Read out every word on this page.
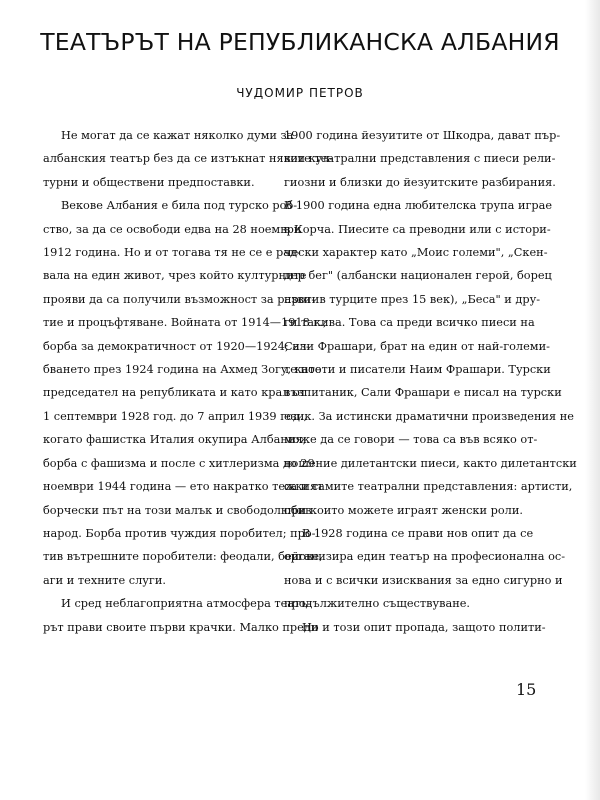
ТЕАТЪРЪТ НА РЕПУБЛИКАНСКА АЛБАНИЯ
ЧУДОМИР ПЕТРОВ
Не могат да се кажат няколко думи за
албанския театър без да се изтъкнат някои кул-
турни и обществени предпоставки.
Векове Албания е била под турско роб-
ство, за да се освободи едва на 28 ноември
1912 година. Но и от тогава тя не се е рад-
вала на един живот, чрез който културните
прояви да са получили възможност за разви-
тие и процъфтяване. Войната от 1914—1918 г.;
борба за демократичност от 1920—1924; из-
бването през 1924 година на Ахмед Зогу, като
председател на републиката и като крал от
1 септември 1928 год. до 7 април 1939 год.,
когато фашистка Италия окупира Албания;
борба с фашизма и после с хитлеризма до 29
ноември 1944 година — ето накратко тежкият
борчески път на този малък и свободолюбив
народ. Борба против чуждия поробител; про-
тив вътрешните поробители: феодали, бейове,
аги и техните слуги.
И сред неблагоприятна атмосфера театъ-
рът прави своите първи крачки. Малко преди
1900 година йезуитите от Шкодра, дават пър-
вите театрални представления с пиеси рели-
гиозни и близки до йезуитските разбирания.
В 1900 година една любителска трупа играе
в Корча. Пиесите са преводни или с истори-
чески характер като „Моис големи", „Скен-
дер бег" (албански национален герой, борец
против турците през 15 век), „Беса" и дру-
ги такива. Това са преди всичко пиеси на
Сали Фрашари, брат на един от най-големи-
те поети и писатели Наим Фрашари. Турски
възпитаник, Сали Фрашари е писал на турски
език. За истински драматични произведения не
може да се говори — това са във всяко от-
ношение дилетантски пиеси, както дилетантски
са и самите театрални представления: артисти,
при които можете играят женски роли.
В 1928 година се прави нов опит да се
организира един театър на професионална ос-
нова и с всички изисквания за едно сигурно и
продължително съществуване.
Но и този опит пропада, защото полити-
15
